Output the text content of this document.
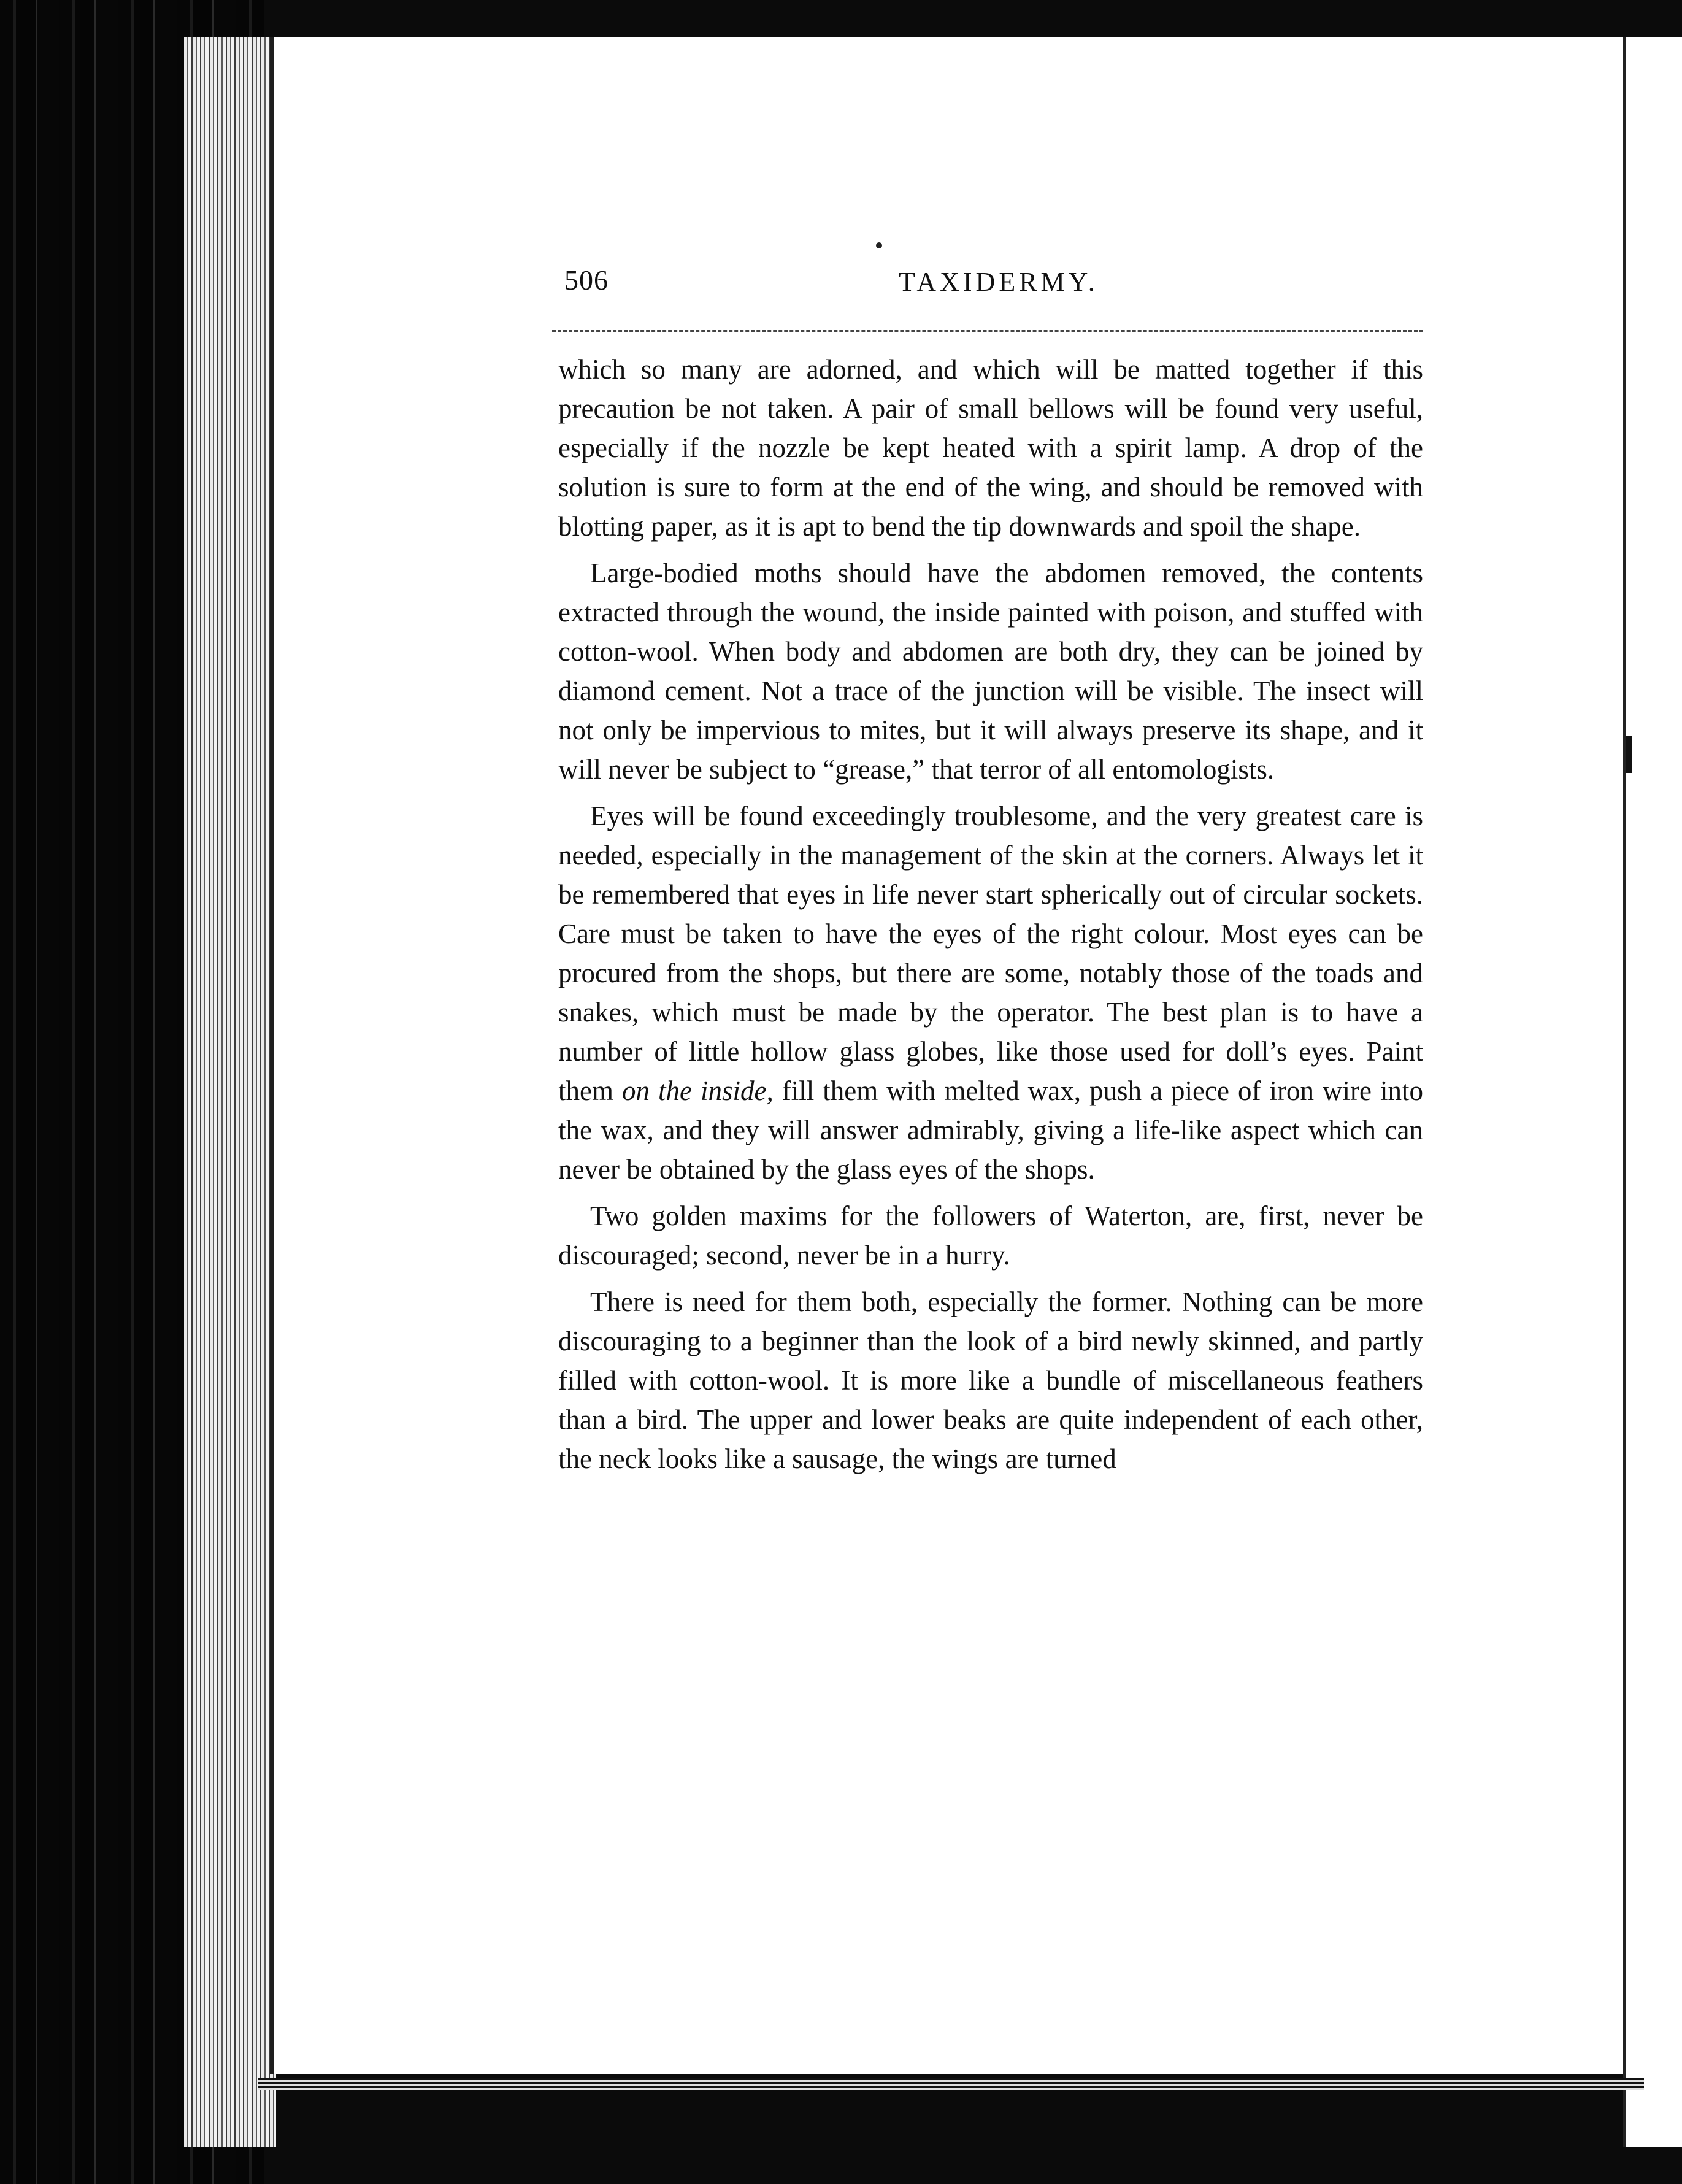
506	TAXIDERMY.

which so many are adorned, and which will be matted together if this precaution be not taken. A pair of small bellows will be found very useful, especially if the nozzle be kept heated with a spirit lamp. A drop of the solution is sure to form at the end of the wing, and should be removed with blotting paper, as it is apt to bend the tip downwards and spoil the shape.

Large-bodied moths should have the abdomen removed, the contents extracted through the wound, the inside painted with poison, and stuffed with cotton-wool. When body and abdomen are both dry, they can be joined by diamond cement. Not a trace of the junction will be visible. The insect will not only be impervious to mites, but it will always preserve its shape, and it will never be subject to “grease,” that terror of all entomologists.

Eyes will be found exceedingly troublesome, and the very greatest care is needed, especially in the management of the skin at the corners. Always let it be remembered that eyes in life never start spherically out of circular sockets. Care must be taken to have the eyes of the right colour. Most eyes can be procured from the shops, but there are some, notably those of the toads and snakes, which must be made by the operator. The best plan is to have a number of little hollow glass globes, like those used for doll’s eyes. Paint them on the inside, fill them with melted wax, push a piece of iron wire into the wax, and they will answer admirably, giving a life-like aspect which can never be obtained by the glass eyes of the shops.

Two golden maxims for the followers of Waterton, are, first, never be discouraged; second, never be in a hurry.

There is need for them both, especially the former. Nothing can be more discouraging to a beginner than the look of a bird newly skinned, and partly filled with cotton-wool. It is more like a bundle of miscellaneous feathers than a bird. The upper and lower beaks are quite independent of each other, the neck looks like a sausage, the wings are turned
